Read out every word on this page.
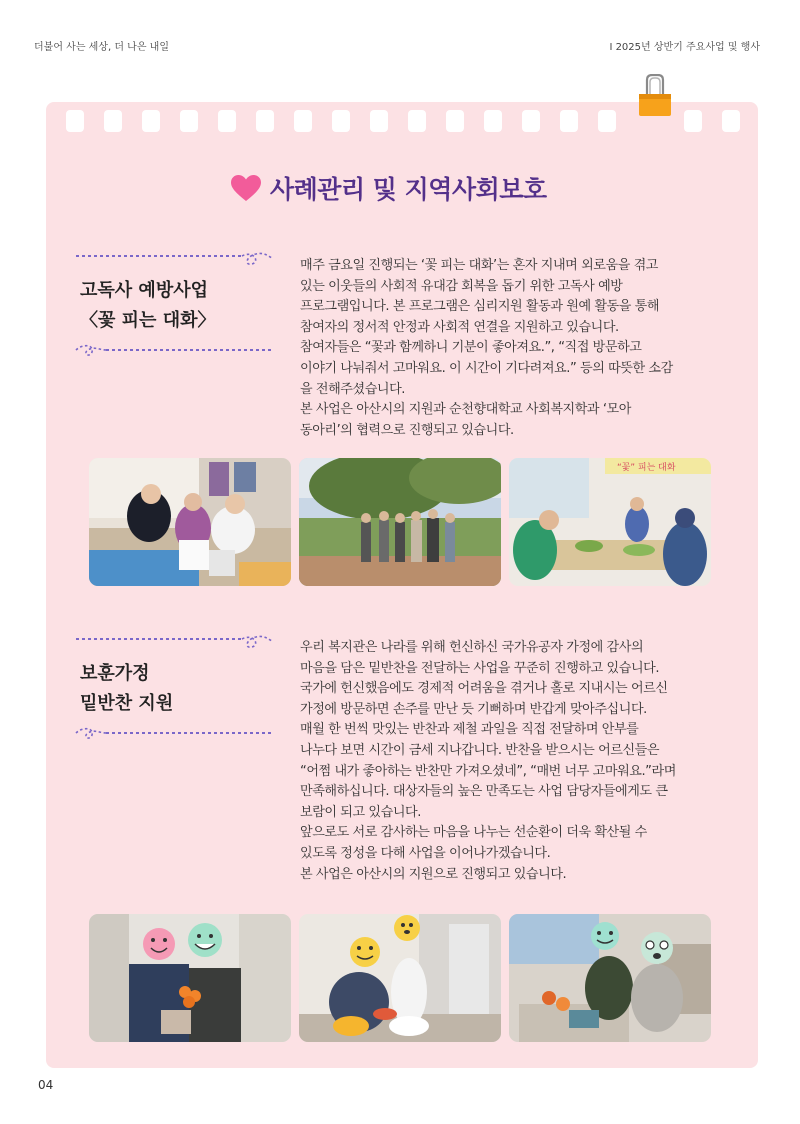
더불어 사는 세상, 더 나은 내일	I 2025년 상반기 주요사업 및 행사
사례관리 및 지역사회보호
고독사 예방사업
〈꽃 피는 대화〉

매주 금요일 진행되는 ‘꽃 피는 대화’는 혼자 지내며 외로움을 겪고

있는 이웃들의 사회적 유대감 회복을 돕기 위한 고독사 예방

프로그램입니다. 본 프로그램은 심리지원 활동과 원예 활동을 통해

참여자의 정서적 안정과 사회적 연결을 지원하고 있습니다.

참여자들은 “꽃과 함께하니 기분이 좋아져요.”, “직접 방문하고

이야기 나눠줘서 고마워요. 이 시간이 기다려져요.” 등의 따뜻한 소감

을 전해주셨습니다.

본 사업은 아산시의 지원과 순천향대학교 사회복지학과 ‘모아

동아리’의 협력으로 진행되고 있습니다.

“꽃” 피는 대화
보훈가정
밑반찬 지원

우리 복지관은 나라를 위해 헌신하신 국가유공자 가정에 감사의

마음을 담은 밑반찬을 전달하는 사업을 꾸준히 진행하고 있습니다.

국가에 헌신했음에도 경제적 어려움을 겪거나 홀로 지내시는 어르신

가정에 방문하면 손주를 만난 듯 기뻐하며 반갑게 맞아주십니다.

매월 한 번씩 맛있는 반찬과 제철 과일을 직접 전달하며 안부를

나누다 보면 시간이 금세 지나갑니다. 반찬을 받으시는 어르신들은

“어쩜 내가 좋아하는 반찬만 가져오셨네”, “매번 너무 고마워요.”라며

만족해하십니다. 대상자들의 높은 만족도는 사업 담당자들에게도 큰

보람이 되고 있습니다.

앞으로도 서로 감사하는 마음을 나누는 선순환이 더욱 확산될 수

있도록 정성을 다해 사업을 이어나가겠습니다.

본 사업은 아산시의 지원으로 진행되고 있습니다.

04
